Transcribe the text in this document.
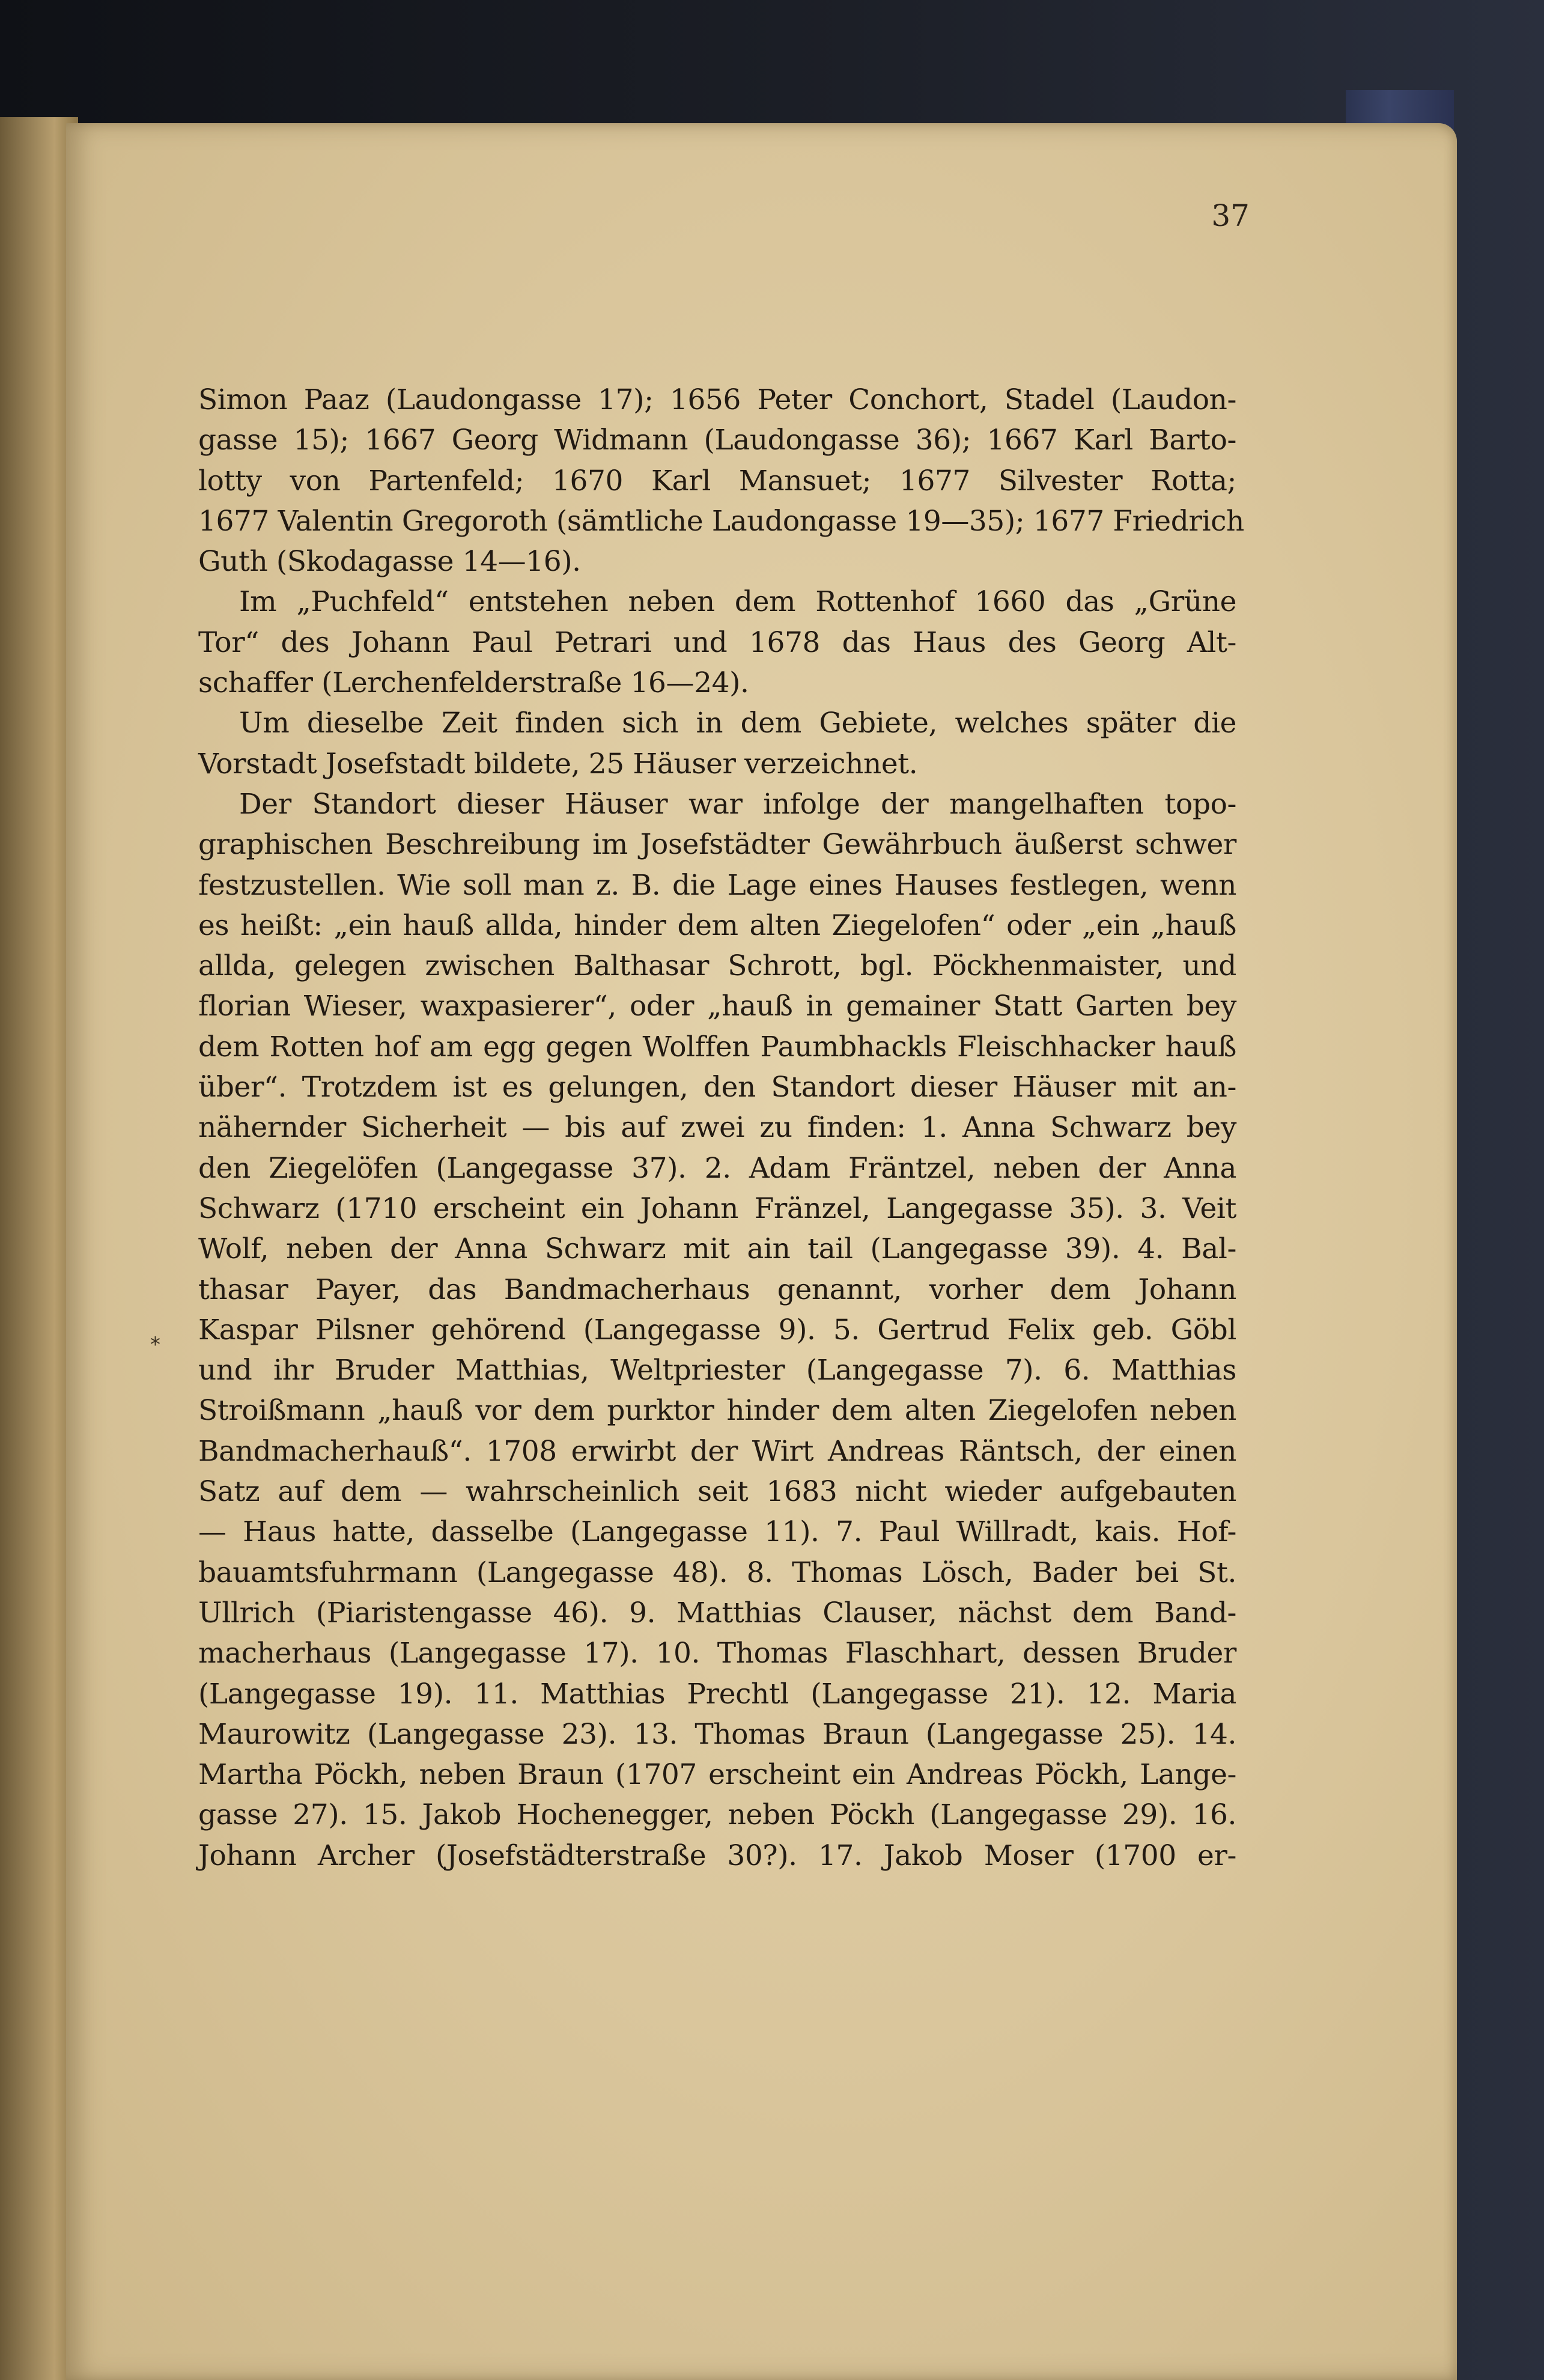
37
*
Simon Paaz (Laudongasse 17); 1656 Peter Conchort, Stadel (Laudon-
gasse 15); 1667 Georg Widmann (Laudongasse 36); 1667 Karl Barto-
lotty von Partenfeld; 1670 Karl Mansuet; 1677 Silvester Rotta;
1677 Valentin Gregoroth (sämtliche Laudongasse 19—35); 1677 Friedrich
Guth (Skodagasse 14—16).
Im „Puchfeld“ entstehen neben dem Rottenhof 1660 das „Grüne
Tor“ des Johann Paul Petrari und 1678 das Haus des Georg Alt-
schaffer (Lerchenfelderstraße 16—24).
Um dieselbe Zeit finden sich in dem Gebiete, welches später die
Vorstadt Josefstadt bildete, 25 Häuser verzeichnet.
Der Standort dieser Häuser war infolge der mangelhaften topo-
graphischen Beschreibung im Josefstädter Gewährbuch äußerst schwer
festzustellen. Wie soll man z. B. die Lage eines Hauses festlegen, wenn
es heißt: „ein hauß allda, hinder dem alten Ziegelofen“ oder „ein „hauß
allda, gelegen zwischen Balthasar Schrott, bgl. Pöckhenmaister, und
florian Wieser, waxpasierer“, oder „hauß in gemainer Statt Garten bey
dem Rotten hof am egg gegen Wolffen Paumbhackls Fleischhacker hauß
über“. Trotzdem ist es gelungen, den Standort dieser Häuser mit an-
nähernder Sicherheit — bis auf zwei zu finden: 1. Anna Schwarz bey
den Ziegelöfen (Langegasse 37). 2. Adam Fräntzel, neben der Anna
Schwarz (1710 erscheint ein Johann Fränzel, Langegasse 35). 3. Veit
Wolf, neben der Anna Schwarz mit ain tail (Langegasse 39). 4. Bal-
thasar Payer, das Bandmacherhaus genannt, vorher dem Johann
Kaspar Pilsner gehörend (Langegasse 9). 5. Gertrud Felix geb. Göbl
und ihr Bruder Matthias, Weltpriester (Langegasse 7). 6. Matthias
Stroißmann „hauß vor dem purktor hinder dem alten Ziegelofen neben
Bandmacherhauß“. 1708 erwirbt der Wirt Andreas Räntsch, der einen
Satz auf dem — wahrscheinlich seit 1683 nicht wieder aufgebauten
— Haus hatte, dasselbe (Langegasse 11). 7. Paul Willradt, kais. Hof-
bauamtsfuhrmann (Langegasse 48). 8. Thomas Lösch, Bader bei St.
Ullrich (Piaristengasse 46). 9. Matthias Clauser, nächst dem Band-
macherhaus (Langegasse 17). 10. Thomas Flaschhart, dessen Bruder
(Langegasse 19). 11. Matthias Prechtl (Langegasse 21). 12. Maria
Maurowitz (Langegasse 23). 13. Thomas Braun (Langegasse 25). 14.
Martha Pöckh, neben Braun (1707 erscheint ein Andreas Pöckh, Lange-
gasse 27). 15. Jakob Hochenegger, neben Pöckh (Langegasse 29). 16.
Johann Archer (Josefstädterstraße 30?). 17. Jakob Moser (1700 er-
